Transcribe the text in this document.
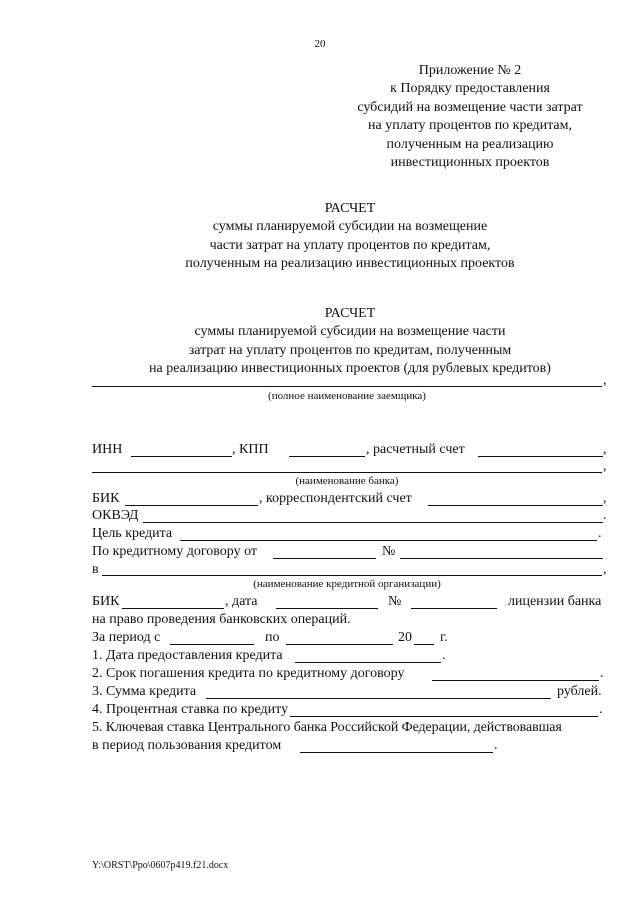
20
Приложение № 2
к Порядку предоставления
субсидий на возмещение части затрат
на уплату процентов по кредитам,
полученным на реализацию
инвестиционных проектов
РАСЧЕТ
суммы планируемой субсидии на возмещение
части затрат на уплату процентов по кредитам,
полученным на реализацию инвестиционных проектов
РАСЧЕТ
суммы планируемой субсидии на возмещение части
затрат на уплату процентов по кредитам, полученным
на реализацию инвестиционных проектов (для рублевых кредитов)
,
(полное наименование заемщика)
ИНН	, КПП	, расчетный счет	,
,
(наименование банка)
БИК	, корреспондентский счет	,
ОКВЭД	.
Цель кредита	.
По кредитному договору от	№
в	,
(наименование кредитной организации)
БИК	, дата	№	лицензии банка
на право проведения банковских операций.
За период с	по	20 г.
1. Дата предоставления кредита	.
2. Срок погашения кредита по кредитному договору	.
3. Сумма кредита	рублей.
4. Процентная ставка по кредиту	.
5. Ключевая ставка Центрального банка Российской Федерации, действовавшая
в период пользования кредитом	.
Y:\ORST\Ppo\0607p419.f21.docx
